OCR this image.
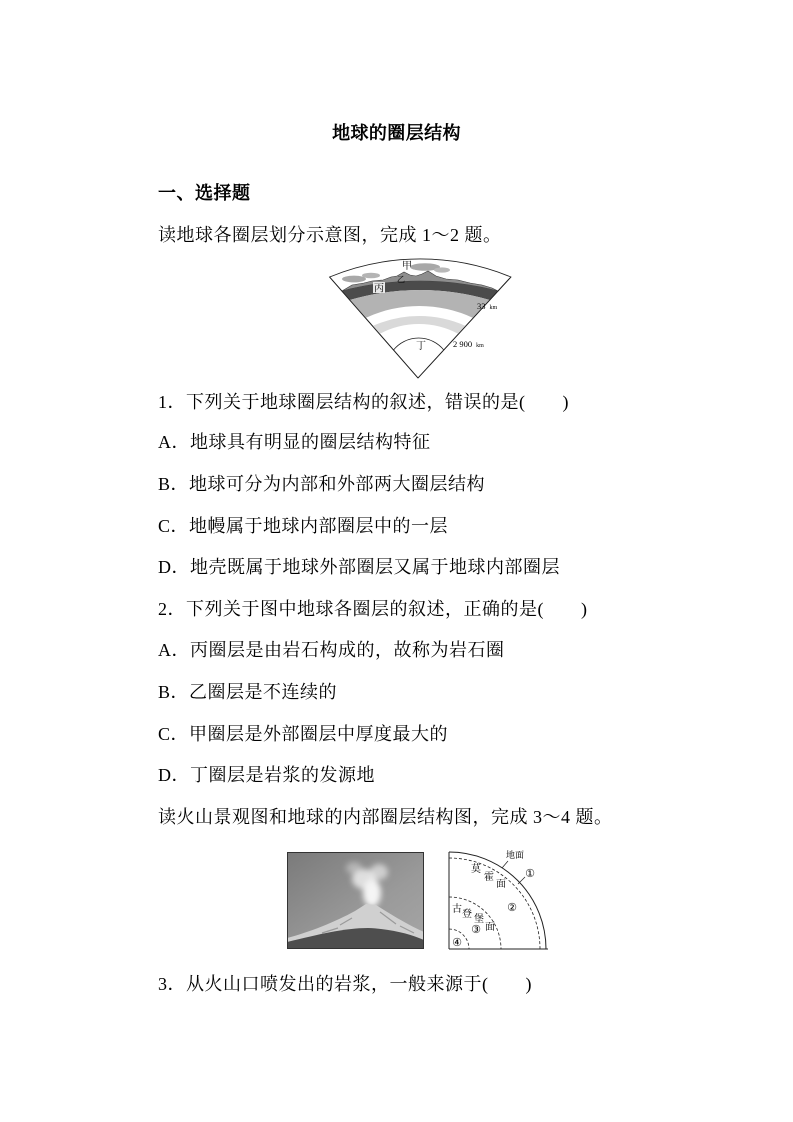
地球的圈层结构
一、选择题
读地球各圈层划分示意图，完成 1～2 题。
甲
乙
丙
丁
33 km
2 900 km
1．下列关于地球圈层结构的叙述，错误的是(　　)
A．地球具有明显的圈层结构特征
B．地球可分为内部和外部两大圈层结构
C．地幔属于地球内部圈层中的一层
D．地壳既属于地球外部圈层又属于地球内部圈层
2．下列关于图中地球各圈层的叙述，正确的是(　　)
A．丙圈层是由岩石构成的，故称为岩石圈
B．乙圈层是不连续的
C．甲圈层是外部圈层中厚度最大的
D．丁圈层是岩浆的发源地
读火山景观图和地球的内部圈层结构图，完成 3～4 题。
地面
①
莫
霍
面
②
古 登 堡
面
③
④
3．从火山口喷发出的岩浆，一般来源于(　　)
